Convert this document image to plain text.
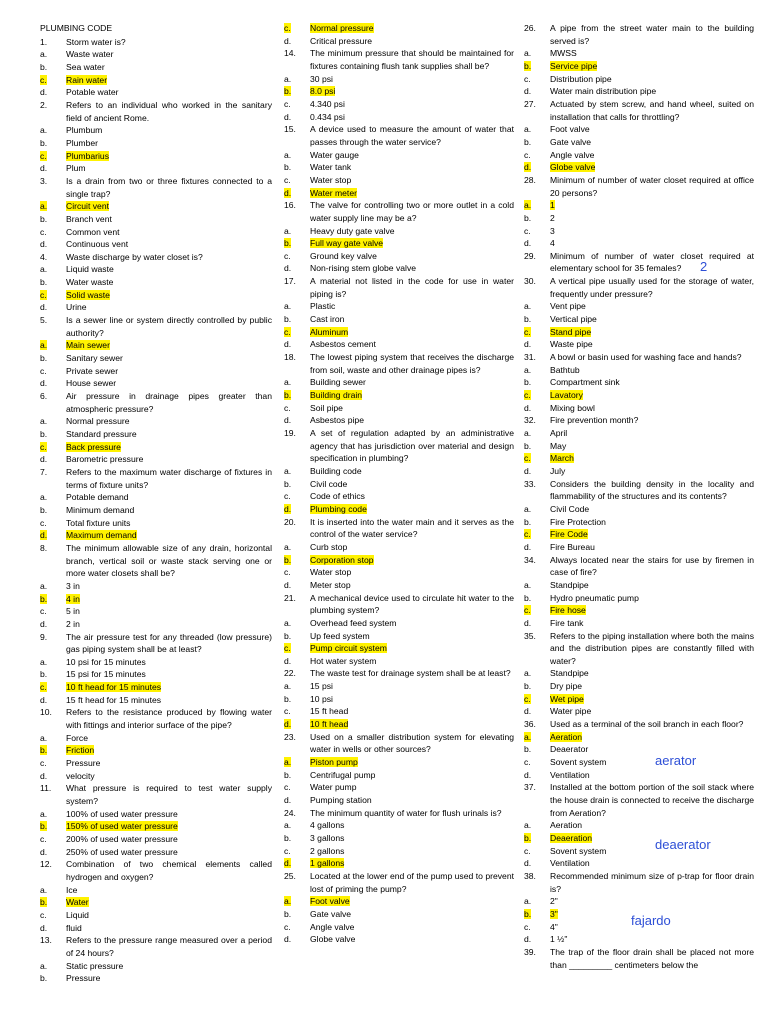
PLUMBING CODE
1.	Storm water is?
a.	Waste water
b.	Sea water
c.	Rain water
d.	Potable water
2.	Refers to an individual who worked in the sanitary field of ancient Rome.
a.	Plumbum
b.	Plumber
c.	Plumbarius
d.	Plum
3.	Is a drain from two or three fixtures connected to a single trap?
a.	Circuit vent
b.	Branch vent
c.	Common vent
d.	Continuous vent
4.	Waste discharge by water closet is?
a.	Liquid waste
b.	Water waste
c.	Solid waste
d.	Urine
5.	Is a sewer line or system directly controlled by public authority?
a.	Main sewer
b.	Sanitary sewer
c.	Private sewer
d.	House sewer
6.	Air pressure in drainage pipes greater than atmospheric pressure?
a.	Normal pressure
b.	Standard pressure
c.	Back pressure
d.	Barometric pressure
7.	Refers to the maximum water discharge of fixtures in terms of fixture units?
a.	Potable demand
b.	Minimum demand
c.	Total fixture units
d.	Maximum demand
8.	The minimum allowable size of any drain, horizontal branch, vertical soil or waste stack serving one or more water closets shall be?
a.	3 in
b.	4 in
c.	5 in
d.	2 in
9.	The air pressure test for any threaded (low pressure) gas piping system shall be at least?
a.	10 psi for 15 minutes
b.	15 psi for 15 minutes
c.	10 ft head for 15 minutes
d.	15 ft head for 15 minutes
10.	Refers to the resistance produced by flowing water with fittings and interior surface of the pipe?
a.	Force
b.	Friction
c.	Pressure
d.	velocity
11.	What pressure is required to test water supply system?
a.	100% of used water pressure
b.	150% of used water pressure
c.	200% of used water pressure
d.	250% of used water pressure
12.	Combination of two chemical elements called hydrogen and oxygen?
a.	Ice
b.	Water
c.	Liquid
d.	fluid
13.	Refers to the pressure range measured over a period of 24 hours?
a.	Static pressure
b.	Pressure
c.	Normal pressure
d.	Critical pressure
14.	The minimum pressure that should be maintained for fixtures containing flush tank supplies shall be?
a.	30 psi
b.	8.0 psi
c.	4.340 psi
d.	0.434 psi
15.	A device used to measure the amount of water that passes through the water service?
a.	Water gauge
b.	Water tank
c.	Water stop
d.	Water meter
16.	The valve for controlling two or more outlet in a cold water supply line may be a?
a.	Heavy duty gate valve
b.	Full way gate valve
c.	Ground key valve
d.	Non-rising stem globe valve
17.	A material not listed in the code for use in water piping is?
a.	Plastic
b.	Cast iron
c.	Aluminum
d.	Asbestos cement
18.	The lowest piping system that receives the discharge from soil, waste and other drainage pipes is?
a.	Building sewer
b.	Building drain
c.	Soil pipe
d.	Asbestos pipe
19.	A set of regulation adapted by an administrative agency that has jurisdiction over material and design specification in plumbing?
a.	Building code
b.	Civil code
c.	Code of ethics
d.	Plumbing code
20.	It is inserted into the water main and it serves as the control of the water service?
a.	Curb stop
b.	Corporation stop
c.	Water stop
d.	Meter stop
21.	A mechanical device used to circulate hit water to the plumbing system?
a.	Overhead feed system
b.	Up feed system
c.	Pump circuit system
d.	Hot water system
22.	The waste test for drainage system shall be at least?
a.	15 psi
b.	10 psi
c.	15 ft head
d.	10 ft head
23.	Used on a smaller distribution system for elevating water in wells or other sources?
a.	Piston pump
b.	Centrifugal pump
c.	Water pump
d.	Pumping station
24.	The minimum quantity of water for flush urinals is?
a.	4 gallons
b.	3 gallons
c.	2 gallons
d.	1 gallons
25.	Located at the lower end of the pump used to prevent lost of priming the pump?
a.	Foot valve
b.	Gate valve
c.	Angle valve
d.	Globe valve
26.	A pipe from the street water main to the building served is?
a.	MWSS
b.	Service pipe
c.	Distribution pipe
d.	Water main distribution pipe
27.	Actuated by stem screw, and hand wheel, suited on installation that calls for throttling?
a.	Foot valve
b.	Gate valve
c.	Angle valve
d.	Globe valve
28.	Minimum of number of water closet required at office 20 persons?
a.	1
b.	2
c.	3
d.	4
29.	Minimum of number of water closet required at elementary school for 35 females?
30.	A vertical pipe usually used for the storage of water, frequently under pressure?
a.	Vent pipe
b.	Vertical pipe
c.	Stand pipe
d.	Waste pipe
31.	A bowl or basin used for washing face and hands?
a.	Bathtub
b.	Compartment sink
c.	Lavatory
d.	Mixing bowl
32.	Fire prevention month?
a.	April
b.	May
c.	March
d.	July
33.	Considers the building density in the locality and flammability of the structures and its contents?
a.	Civil Code
b.	Fire Protection
c.	Fire Code
d.	Fire Bureau
34.	Always located near the stairs for use by firemen in case of fire?
a.	Standpipe
b.	Hydro pneumatic pump
c.	Fire hose
d.	Fire tank
35.	Refers to the piping installation where both the mains and the distribution pipes are constantly filled with water?
a.	Standpipe
b.	Dry pipe
c.	Wet pipe
d.	Water pipe
36.	Used as a terminal of the soil branch in each floor?
a.	Aeration
b.	Deaerator
c.	Sovent system
d.	Ventilation
37.	Installed at the bottom portion of the soil stack where the house drain is connected to receive the discharge from Aeration?
a.	Aeration
b.	Deaeration
c.	Sovent system
d.	Ventilation
38.	Recommended minimum size of p-trap for floor drain is?
a.	2"
b.	3"
c.	4"
d.	1 ½"
39.	The trap of the floor drain shall be placed not more than _________ centimeters below the
2
aerator
deaerator
fajardo
